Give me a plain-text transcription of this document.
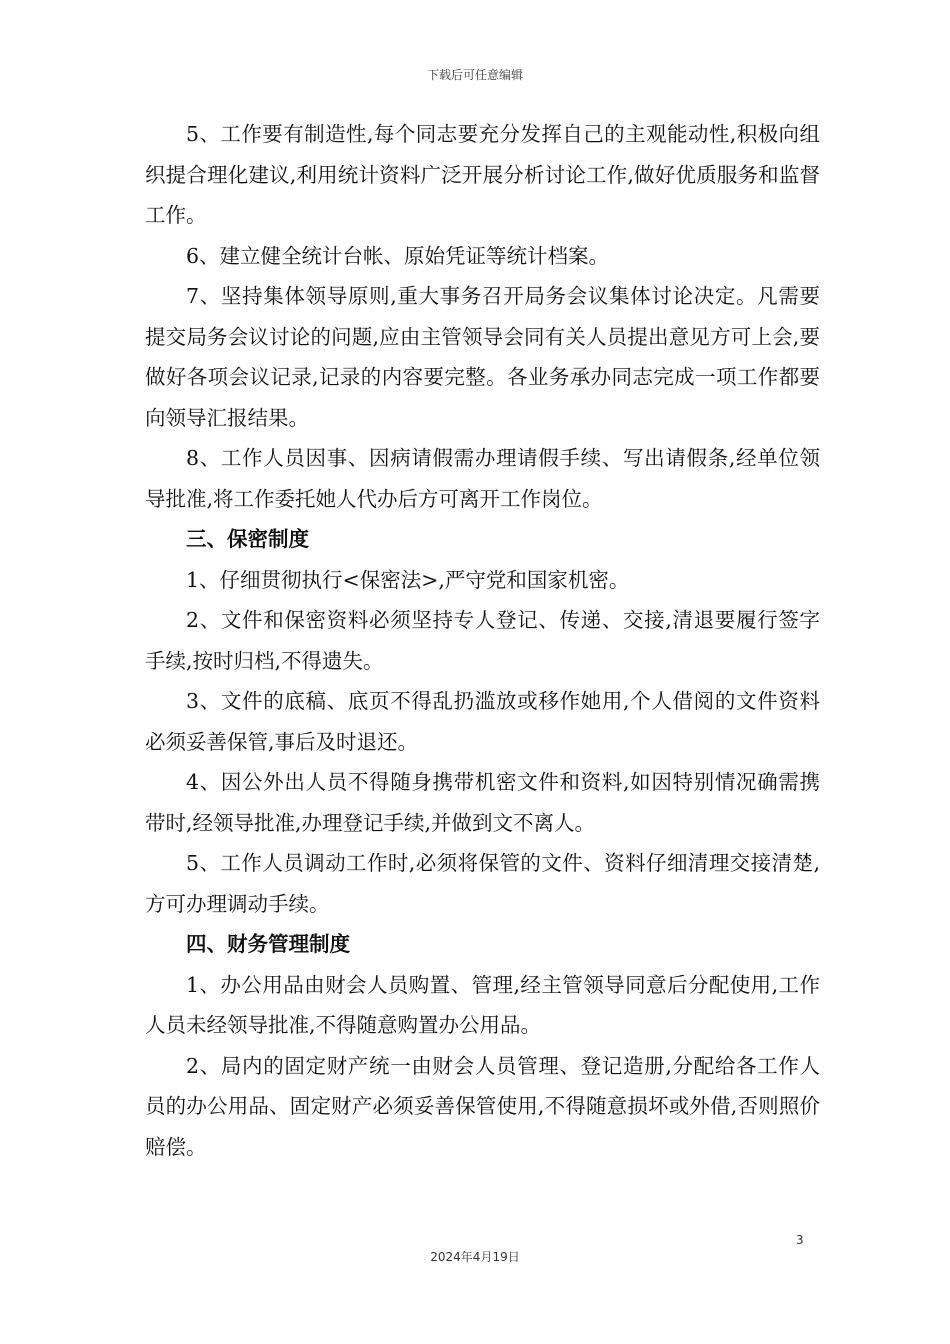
下载后可任意编辑

5、工作要有制造性,每个同志要充分发挥自己的主观能动性,积极向组织提合理化建议,利用统计资料广泛开展分析讨论工作,做好优质服务和监督工作。

6、建立健全统计台帐、原始凭证等统计档案。

7、坚持集体领导原则,重大事务召开局务会议集体讨论决定。凡需要提交局务会议讨论的问题,应由主管领导会同有关人员提出意见方可上会,要做好各项会议记录,记录的内容要完整。各业务承办同志完成一项工作都要向领导汇报结果。

8、工作人员因事、因病请假需办理请假手续、写出请假条,经单位领导批准,将工作委托她人代办后方可离开工作岗位。

三、保密制度

1、仔细贯彻执行<保密法>,严守党和国家机密。

2、文件和保密资料必须坚持专人登记、传递、交接,清退要履行签字手续,按时归档,不得遗失。

3、文件的底稿、底页不得乱扔滥放或移作她用,个人借阅的文件资料必须妥善保管,事后及时退还。

4、因公外出人员不得随身携带机密文件和资料,如因特别情况确需携带时,经领导批准,办理登记手续,并做到文不离人。

5、工作人员调动工作时,必须将保管的文件、资料仔细清理交接清楚,方可办理调动手续。

四、财务管理制度

1、办公用品由财会人员购置、管理,经主管领导同意后分配使用,工作人员未经领导批准,不得随意购置办公用品。

2、局内的固定财产统一由财会人员管理、登记造册,分配给各工作人员的办公用品、固定财产必须妥善保管使用,不得随意损坏或外借,否则照价赔偿。

3
2024年4月19日
